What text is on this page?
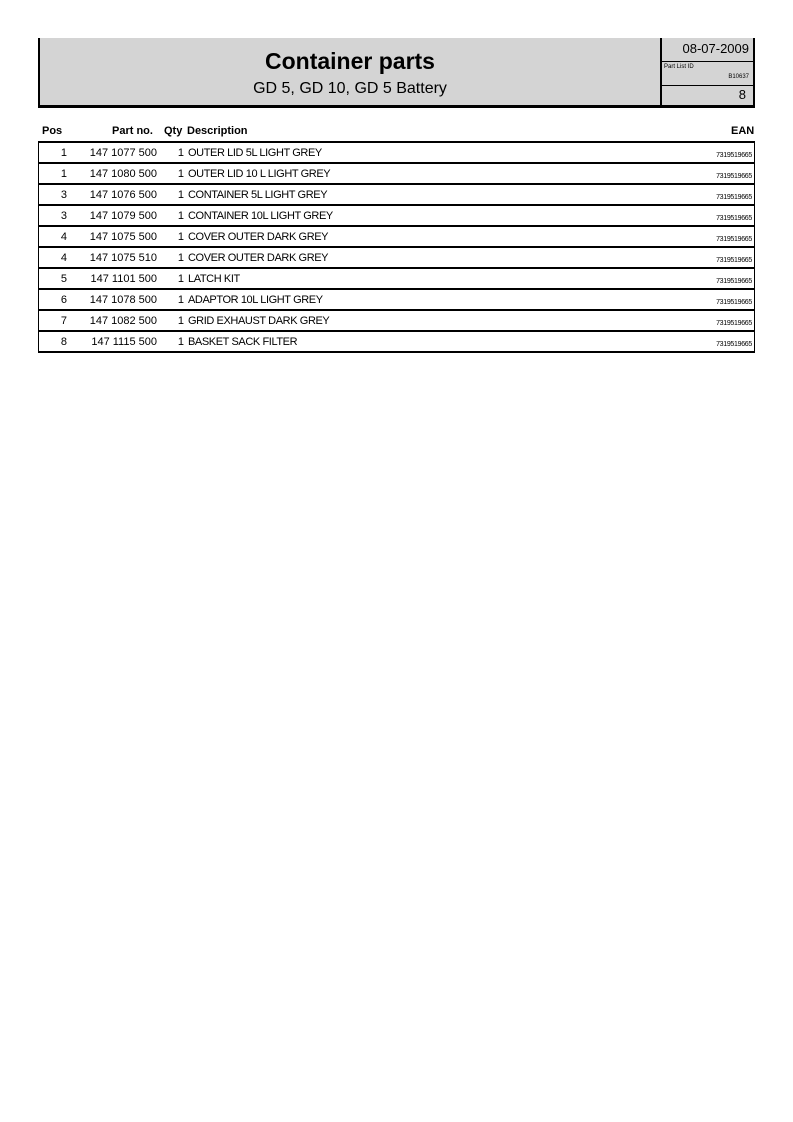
Container parts
GD 5, GD 10, GD 5 Battery
08-07-2009
Part List ID
B10637
8
Pos	Part no. Qty Description	EAN
1	147 1077 500	1 OUTER LID 5L LIGHT GREY	7319519665
1	147 1080 500	1 OUTER LID 10 L LIGHT GREY	7319519665
3	147 1076 500	1 CONTAINER 5L LIGHT GREY	7319519665
3	147 1079 500	1 CONTAINER 10L LIGHT GREY	7319519665
4	147 1075 500	1 COVER OUTER DARK GREY	7319519665
4	147 1075 510	1 COVER OUTER DARK GREY	7319519665
5	147 1101 500	1 LATCH KIT	7319519665
6	147 1078 500	1 ADAPTOR 10L LIGHT GREY	7319519665
7	147 1082 500	1 GRID EXHAUST DARK GREY	7319519665
8	147 1115 500	1 BASKET SACK FILTER	7319519665
